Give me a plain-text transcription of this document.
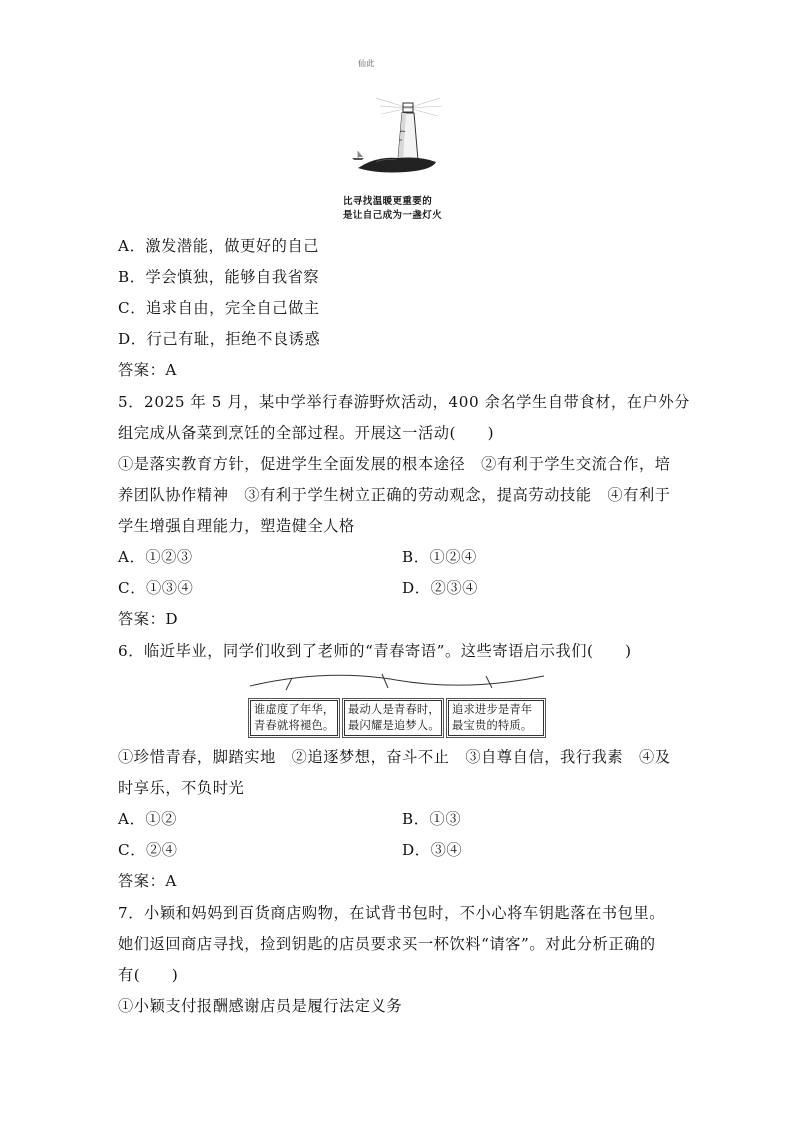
仙此
比寻找温暖更重要的
是让自己成为一盏灯火
A．激发潜能，做更好的自己
B．学会慎独，能够自我省察
C．追求自由，完全自己做主
D．行己有耻，拒绝不良诱惑
答案：A
5．2025 年 5 月，某中学举行春游野炊活动，400 余名学生自带食材，在户外分
组完成从备菜到烹饪的全部过程。开展这一活动(　　)
①是落实教育方针，促进学生全面发展的根本途径　②有利于学生交流合作，培
养团队协作精神　③有利于学生树立正确的劳动观念，提高劳动技能　④有利于
学生增强自理能力，塑造健全人格
A．①②③	B．①②④
C．①③④	D．②③④
答案：D
6．临近毕业，同学们收到了老师的“青春寄语”。这些寄语启示我们(　　)
谁虚度了年华，
青春就将褪色。
最动人是青春时，
最闪耀是追梦人。
追求进步是青年
最宝贵的特质。
①珍惜青春，脚踏实地　②追逐梦想，奋斗不止　③自尊自信，我行我素　④及
时享乐，不负时光
A．①②	B．①③
C．②④	D．③④
答案：A
7．小颖和妈妈到百货商店购物，在试背书包时，不小心将车钥匙落在书包里。
她们返回商店寻找，捡到钥匙的店员要求买一杯饮料“请客”。对此分析正确的
有(　　)
①小颖支付报酬感谢店员是履行法定义务
